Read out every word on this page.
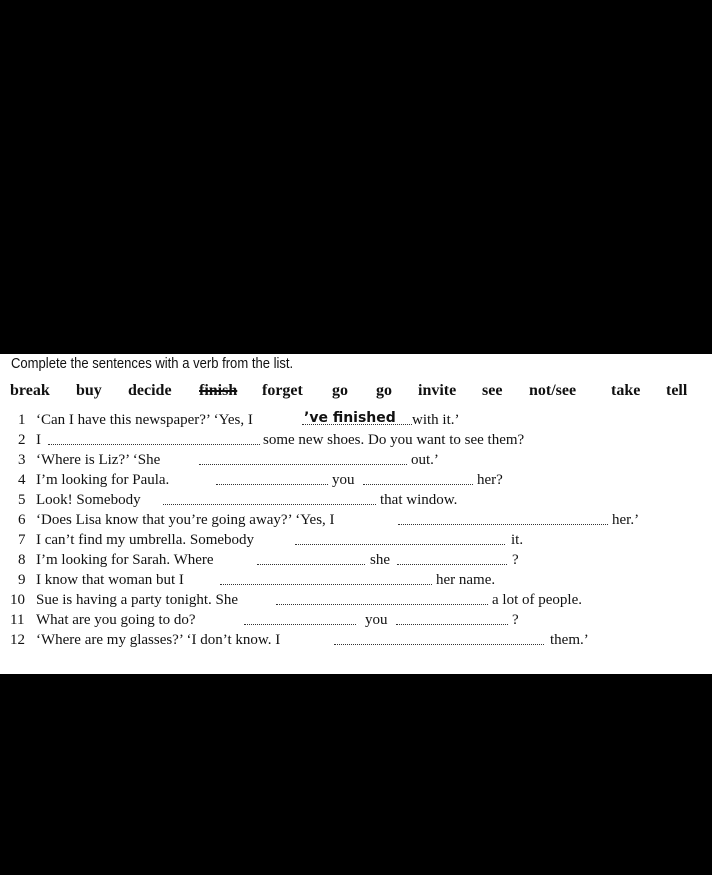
Complete the sentences with a verb from the list.
break buy decide finish forget go go invite see not/see take tell
1 ‘Can I have this newspaper?’ ‘Yes, I	’ve finished with it.’
2 I	some new shoes. Do you want to see them?
3 ‘Where is Liz?’ ‘She	out.’
4 I’m looking for Paula.	you	her?
5 Look! Somebody	that window.
6 ‘Does Lisa know that you’re going away?’ ‘Yes, I	her.’
7 I can’t find my umbrella. Somebody	it.
8 I’m looking for Sarah. Where	she	?
9 I know that woman but I	her name.
10 Sue is having a party tonight. She	a lot of people.
11 What are you going to do?	you	?
12 ‘Where are my glasses?’ ‘I don’t know. I	them.’
